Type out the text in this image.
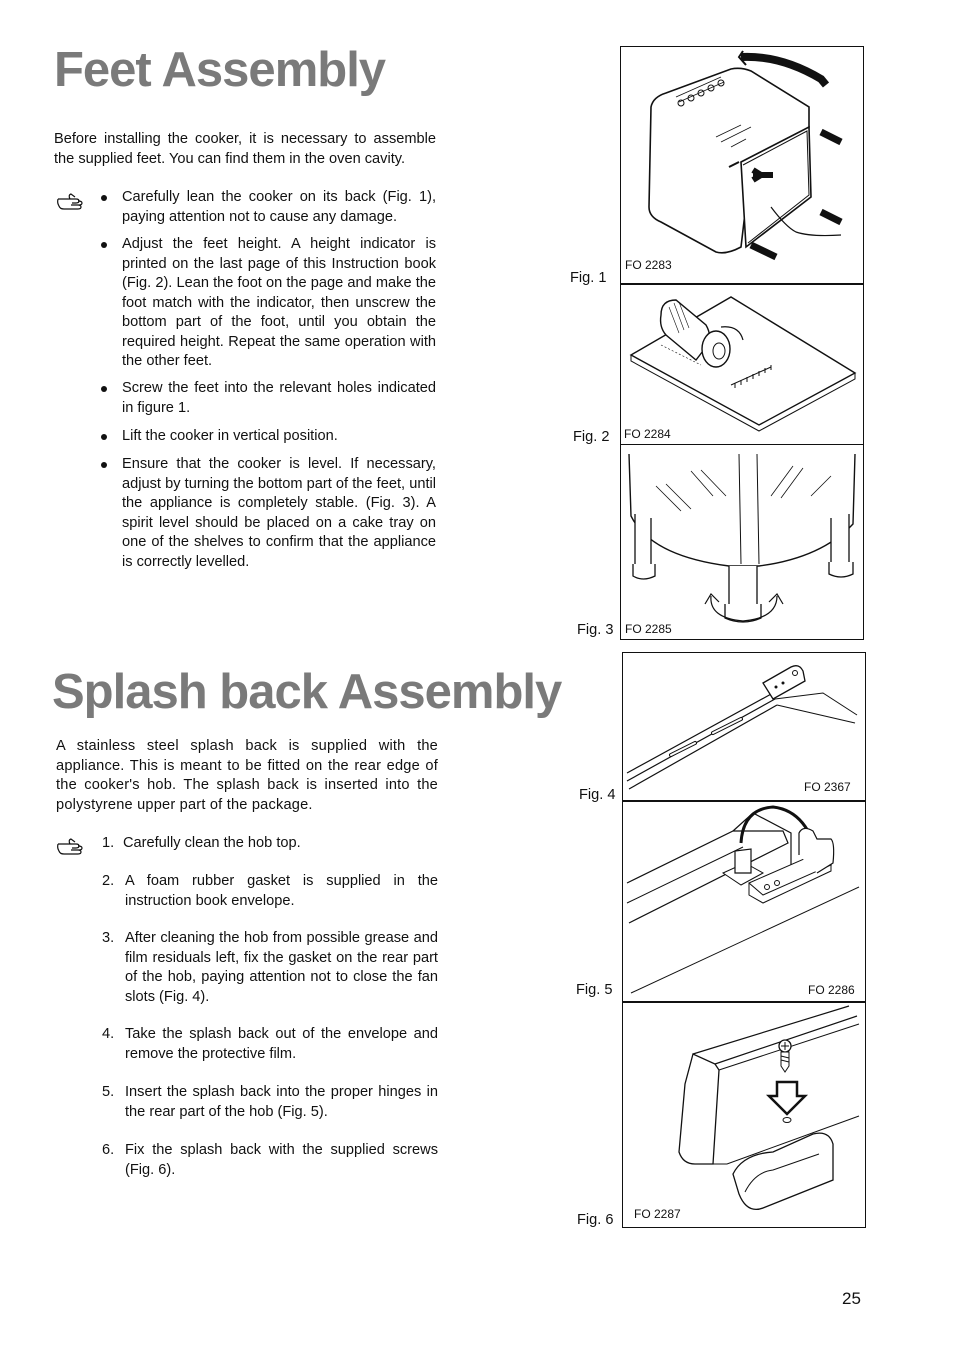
Feet Assembly

Before installing the cooker, it is necessary to assemble the supplied feet. You can find them in the oven cavity.

Carefully lean the cooker on its back (Fig. 1), paying attention not to cause any damage.
Adjust the feet height. A height indicator is printed on the last page of this Instruction book (Fig. 2). Lean the foot on the page and make the foot match with the indicator, then unscrew the bottom part of the foot, until you obtain the required height. Repeat the same operation with the other feet.
Screw the feet into the relevant holes indicated in figure 1.
Lift the cooker in vertical position.
Ensure that the cooker is level. If necessary, adjust by turning the bottom part of the feet, until the appliance is completely stable. (Fig. 3). A spirit level should be placed on a cake tray on one of the shelves to confirm that the appliance is correctly levelled.
FO 2283
FO 2284
FO 2285
Fig. 1
Fig. 2
Fig. 3
Splash back Assembly

A stainless steel splash back is supplied with the appliance. This is meant to be fitted on the rear edge of the cooker's hob. The splash back is inserted into the polystyrene upper part of the package.

1. Carefully clean the hob top.
2. A foam rubber gasket is supplied in the instruction book envelope.
3. After cleaning the hob from possible grease and film residuals left, fix the gasket on the rear part of the hob, paying attention not to close the fan slots (Fig. 4).
4. Take the splash back out of the envelope and remove the protective film.
5. Insert the splash back into the proper hinges in the rear part of the hob (Fig. 5).
6. Fix the splash back with the supplied screws (Fig. 6).
FO 2367
FO 2286
FO 2287
Fig. 4
Fig. 5
Fig. 6
25
